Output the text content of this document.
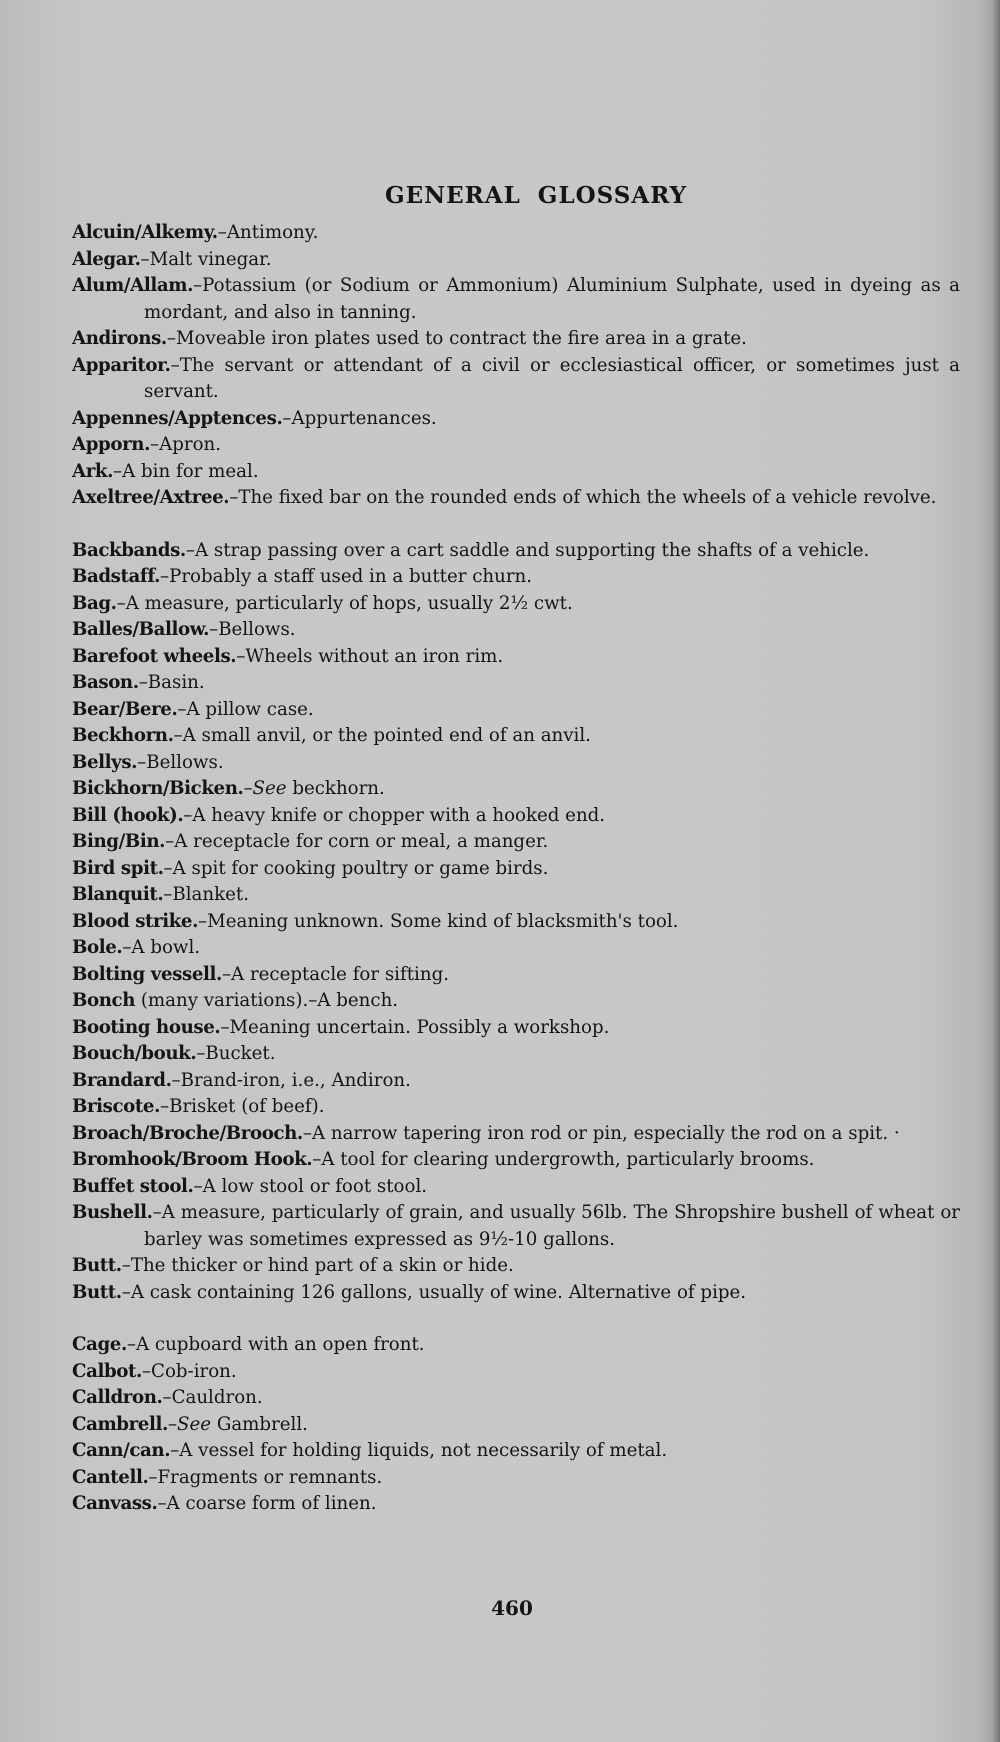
GENERAL GLOSSARY
Alcuin/Alkemy.–Antimony.
Alegar.–Malt vinegar.
Alum/Allam.–Potassium (or Sodium or Ammonium) Aluminium Sulphate, used in dyeing as a mordant, and also in tanning.
Andirons.–Moveable iron plates used to contract the fire area in a grate.
Apparitor.–The servant or attendant of a civil or ecclesiastical officer, or sometimes just a servant.
Appennes/Apptences.–Appurtenances.
Apporn.–Apron.
Ark.–A bin for meal.
Axeltree/Axtree.–The fixed bar on the rounded ends of which the wheels of a vehicle revolve.
Backbands.–A strap passing over a cart saddle and supporting the shafts of a vehicle.
Badstaff.–Probably a staff used in a butter churn.
Bag.–A measure, particularly of hops, usually 2½ cwt.
Balles/Ballow.–Bellows.
Barefoot wheels.–Wheels without an iron rim.
Bason.–Basin.
Bear/Bere.–A pillow case.
Beckhorn.–A small anvil, or the pointed end of an anvil.
Bellys.–Bellows.
Bickhorn/Bicken.–See beckhorn.
Bill (hook).–A heavy knife or chopper with a hooked end.
Bing/Bin.–A receptacle for corn or meal, a manger.
Bird spit.–A spit for cooking poultry or game birds.
Blanquit.–Blanket.
Blood strike.–Meaning unknown. Some kind of blacksmith's tool.
Bole.–A bowl.
Bolting vessell.–A receptacle for sifting.
Bonch (many variations).–A bench.
Booting house.–Meaning uncertain. Possibly a workshop.
Bouch/bouk.–Bucket.
Brandard.–Brand-iron, i.e., Andiron.
Briscote.–Brisket (of beef).
Broach/Broche/Brooch.–A narrow tapering iron rod or pin, especially the rod on a spit. ·
Bromhook/Broom Hook.–A tool for clearing undergrowth, particularly brooms.
Buffet stool.–A low stool or foot stool.
Bushell.–A measure, particularly of grain, and usually 56lb. The Shropshire bushell of wheat or barley was sometimes expressed as 9½-10 gallons.
Butt.–The thicker or hind part of a skin or hide.
Butt.–A cask containing 126 gallons, usually of wine. Alternative of pipe.
Cage.–A cupboard with an open front.
Calbot.–Cob-iron.
Calldron.–Cauldron.
Cambrell.–See Gambrell.
Cann/can.–A vessel for holding liquids, not necessarily of metal.
Cantell.–Fragments or remnants.
Canvass.–A coarse form of linen.
460
